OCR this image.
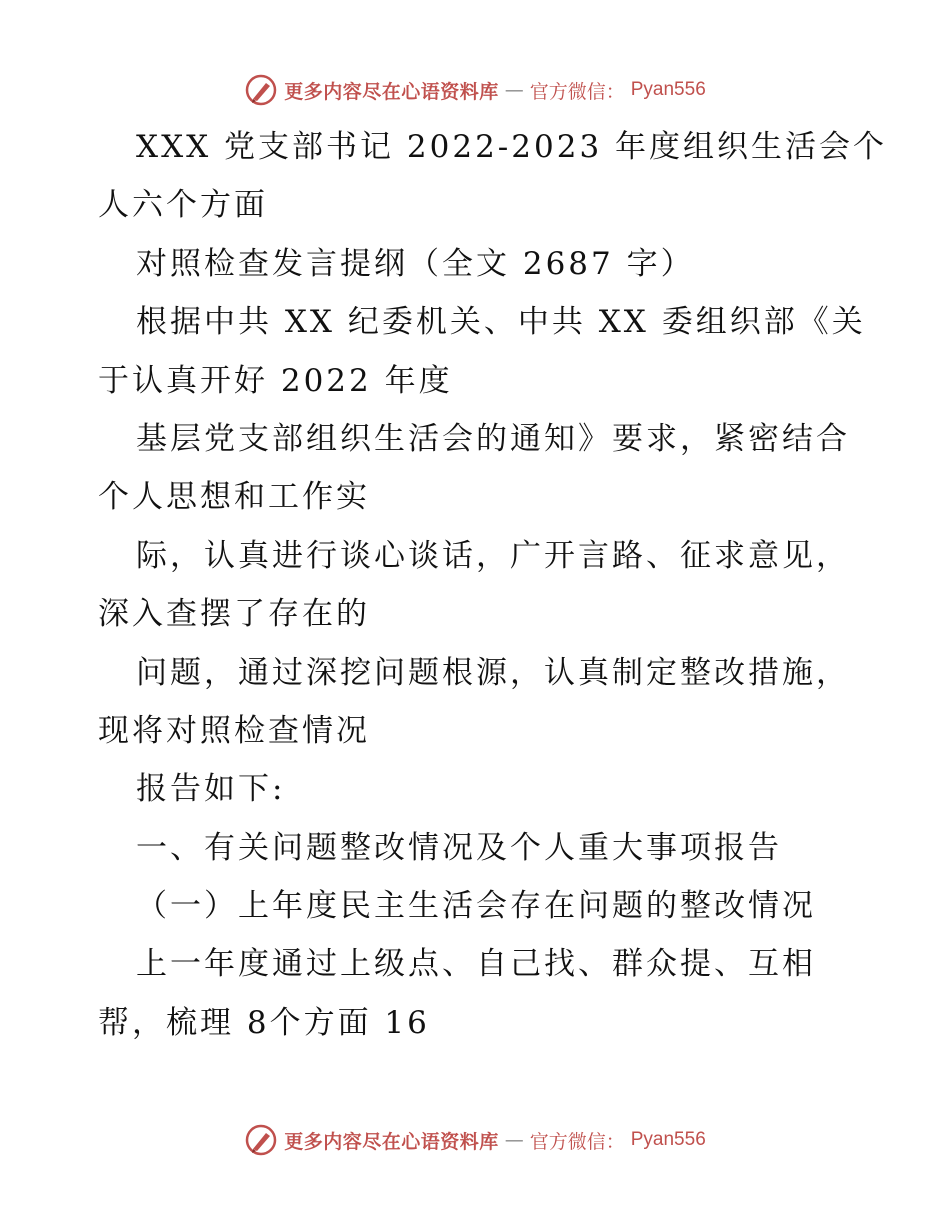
更多内容尽在心语资料库 — 官方微信： Pyan556
XXX 党支部书记 2022-2023 年度组织生活会个
人六个方面
对照检查发言提纲（全文 2687 字）
根据中共 XX 纪委机关、中共 XX 委组织部《关
于认真开好 2022 年度
基层党支部组织生活会的通知》要求，紧密结合
个人思想和工作实
际，认真进行谈心谈话，广开言路、征求意见，
深入查摆了存在的
问题，通过深挖问题根源，认真制定整改措施，
现将对照检查情况
报告如下:
一、有关问题整改情况及个人重大事项报告
（一）上年度民主生活会存在问题的整改情况
上一年度通过上级点、自己找、群众提、互相
帮，梳理 8个方面 16
更多内容尽在心语资料库 — 官方微信： Pyan556
